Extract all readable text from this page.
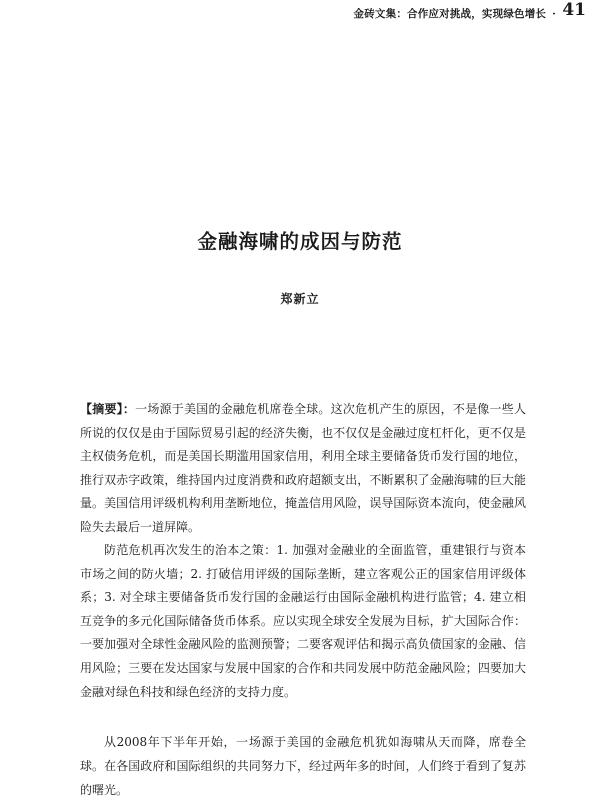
金砖文集：合作应对挑战，实现绿色增长 · 41
金融海啸的成因与防范
郑新立

【摘要】：一场源于美国的金融危机席卷全球。这次危机产生的原因，不是像一些人所说的仅仅是由于国际贸易引起的经济失衡，也不仅仅是金融过度杠杆化，更不仅是主权债务危机，而是美国长期滥用国家信用，利用全球主要储备货币发行国的地位，推行双赤字政策，维持国内过度消费和政府超额支出，不断累积了金融海啸的巨大能量。美国信用评级机构利用垄断地位，掩盖信用风险，误导国际资本流向，使金融风险失去最后一道屏障。

防范危机再次发生的治本之策：1. 加强对金融业的全面监管，重建银行与资本市场之间的防火墙；2. 打破信用评级的国际垄断，建立客观公正的国家信用评级体系；3. 对全球主要储备货币发行国的金融运行由国际金融机构进行监管；4. 建立相互竞争的多元化国际储备货币体系。应以实现全球安全发展为目标，扩大国际合作：一要加强对全球性金融风险的监测预警；二要客观评估和揭示高负债国家的金融、信用风险；三要在发达国家与发展中国家的合作和共同发展中防范金融风险；四要加大金融对绿色科技和绿色经济的支持力度。

从2008年下半年开始，一场源于美国的金融危机犹如海啸从天而降，席卷全球。在各国政府和国际组织的共同努力下，经过两年多的时间，人们终于看到了复苏的曙光。
